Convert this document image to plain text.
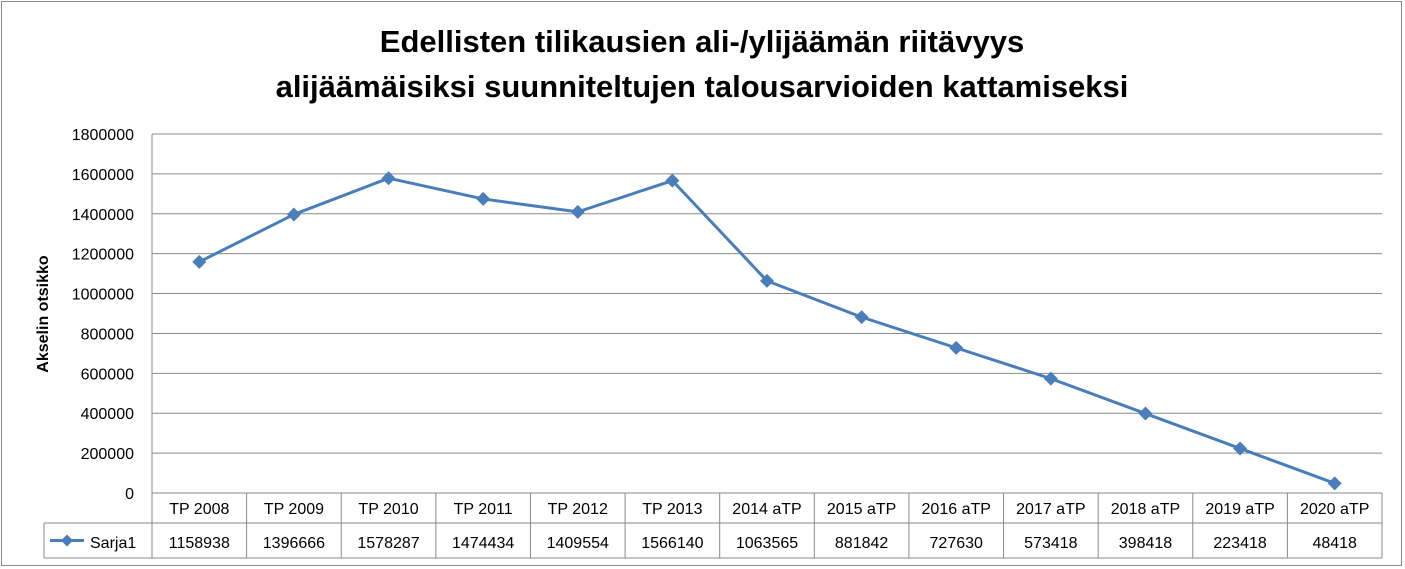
Edellisten tilikausien ali-/ylijäämän riitävyys
alijäämäisiksi suunniteltujen talousarvioiden kattamiseksi
Akselin otsikko
0
200000
400000
600000
800000
1000000
1200000
1400000
1600000
1800000
TP 2008
1158938
TP 2009
1396666
TP 2010
1578287
TP 2011
1474434
TP 2012
1409554
TP 2013
1566140
2014 aTP
1063565
2015 aTP
881842
2016 aTP
727630
2017 aTP
573418
2018 aTP
398418
2019 aTP
223418
2020 aTP
48418
Sarja1
